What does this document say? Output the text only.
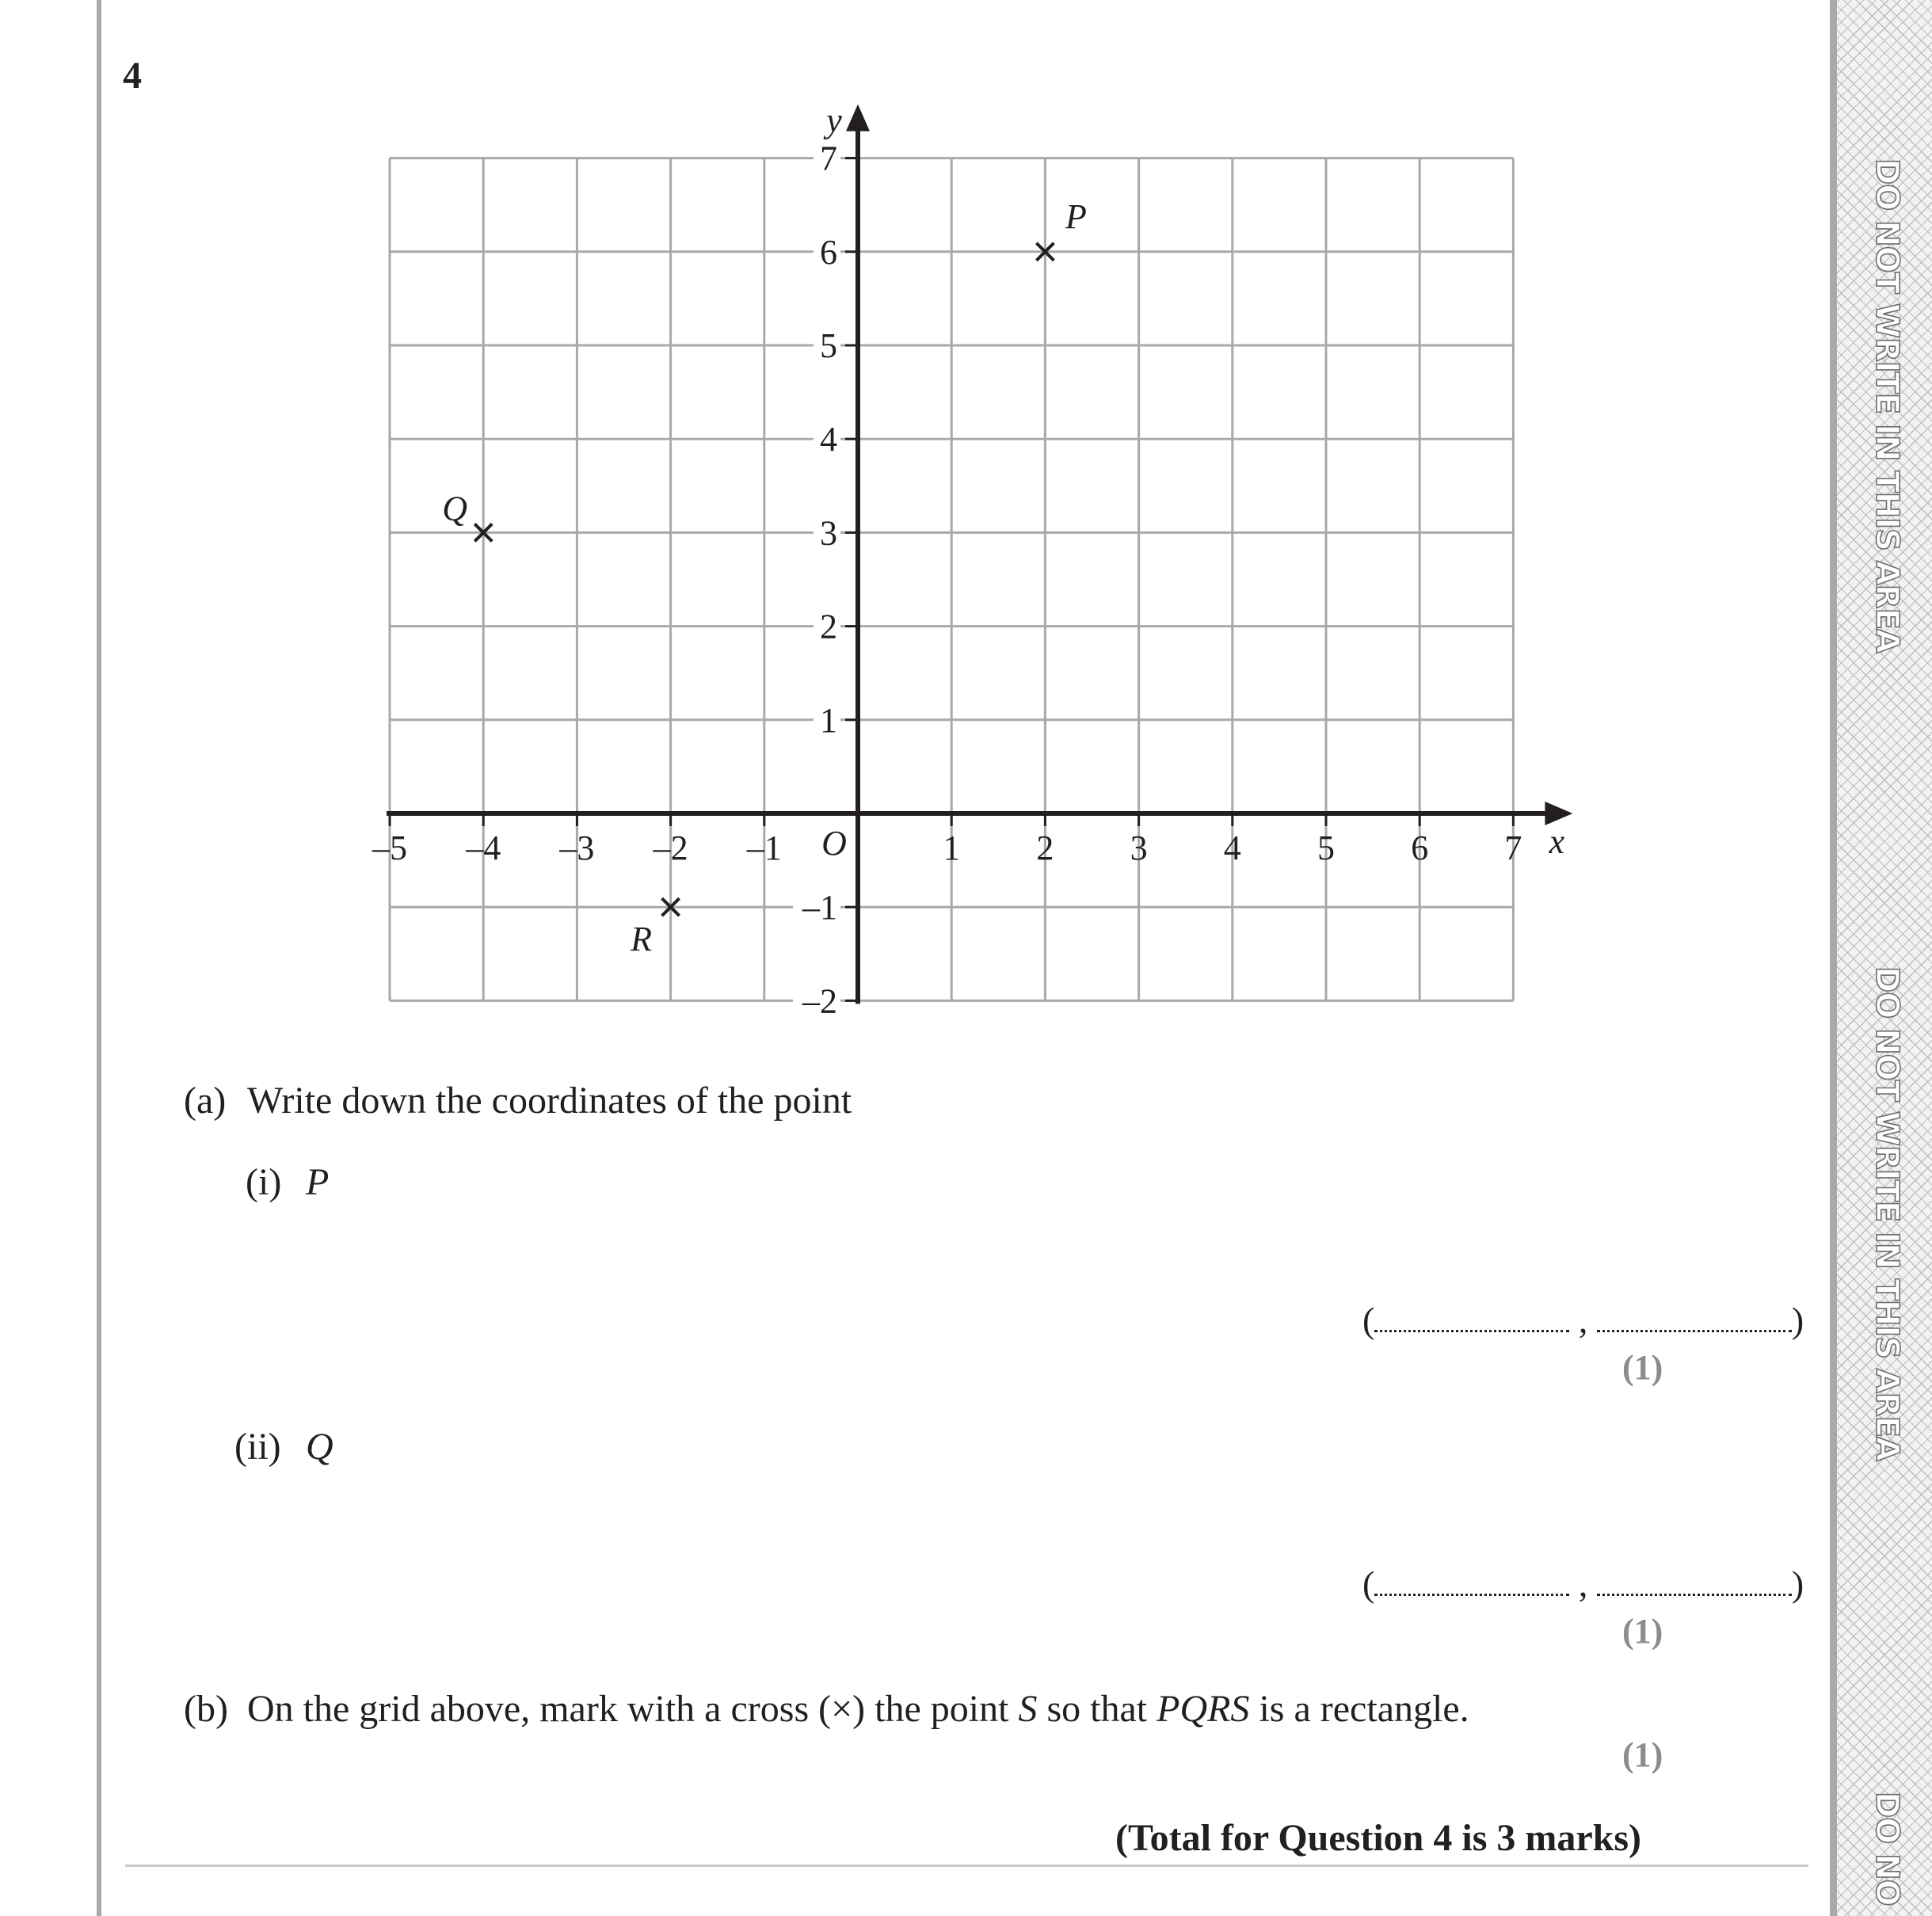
DO NOT WRITE IN THIS AREA
DO NOT WRITE IN THIS AREA
DO NO
4
–5 –4 –3 –2 –1	1 2 3 4 5 6 7
–2
–1
1
2
3
4
5
6
7
O	x
y
P
Q
R
(a) Write down the coordinates of the point
(i) P
(	,	)
(1)
(ii) Q
(	,	)
(1)
(b) On the grid above, mark with a cross (×) the point S so that PQRS is a rectangle.
(1)
(Total for Question 4 is 3 marks)
